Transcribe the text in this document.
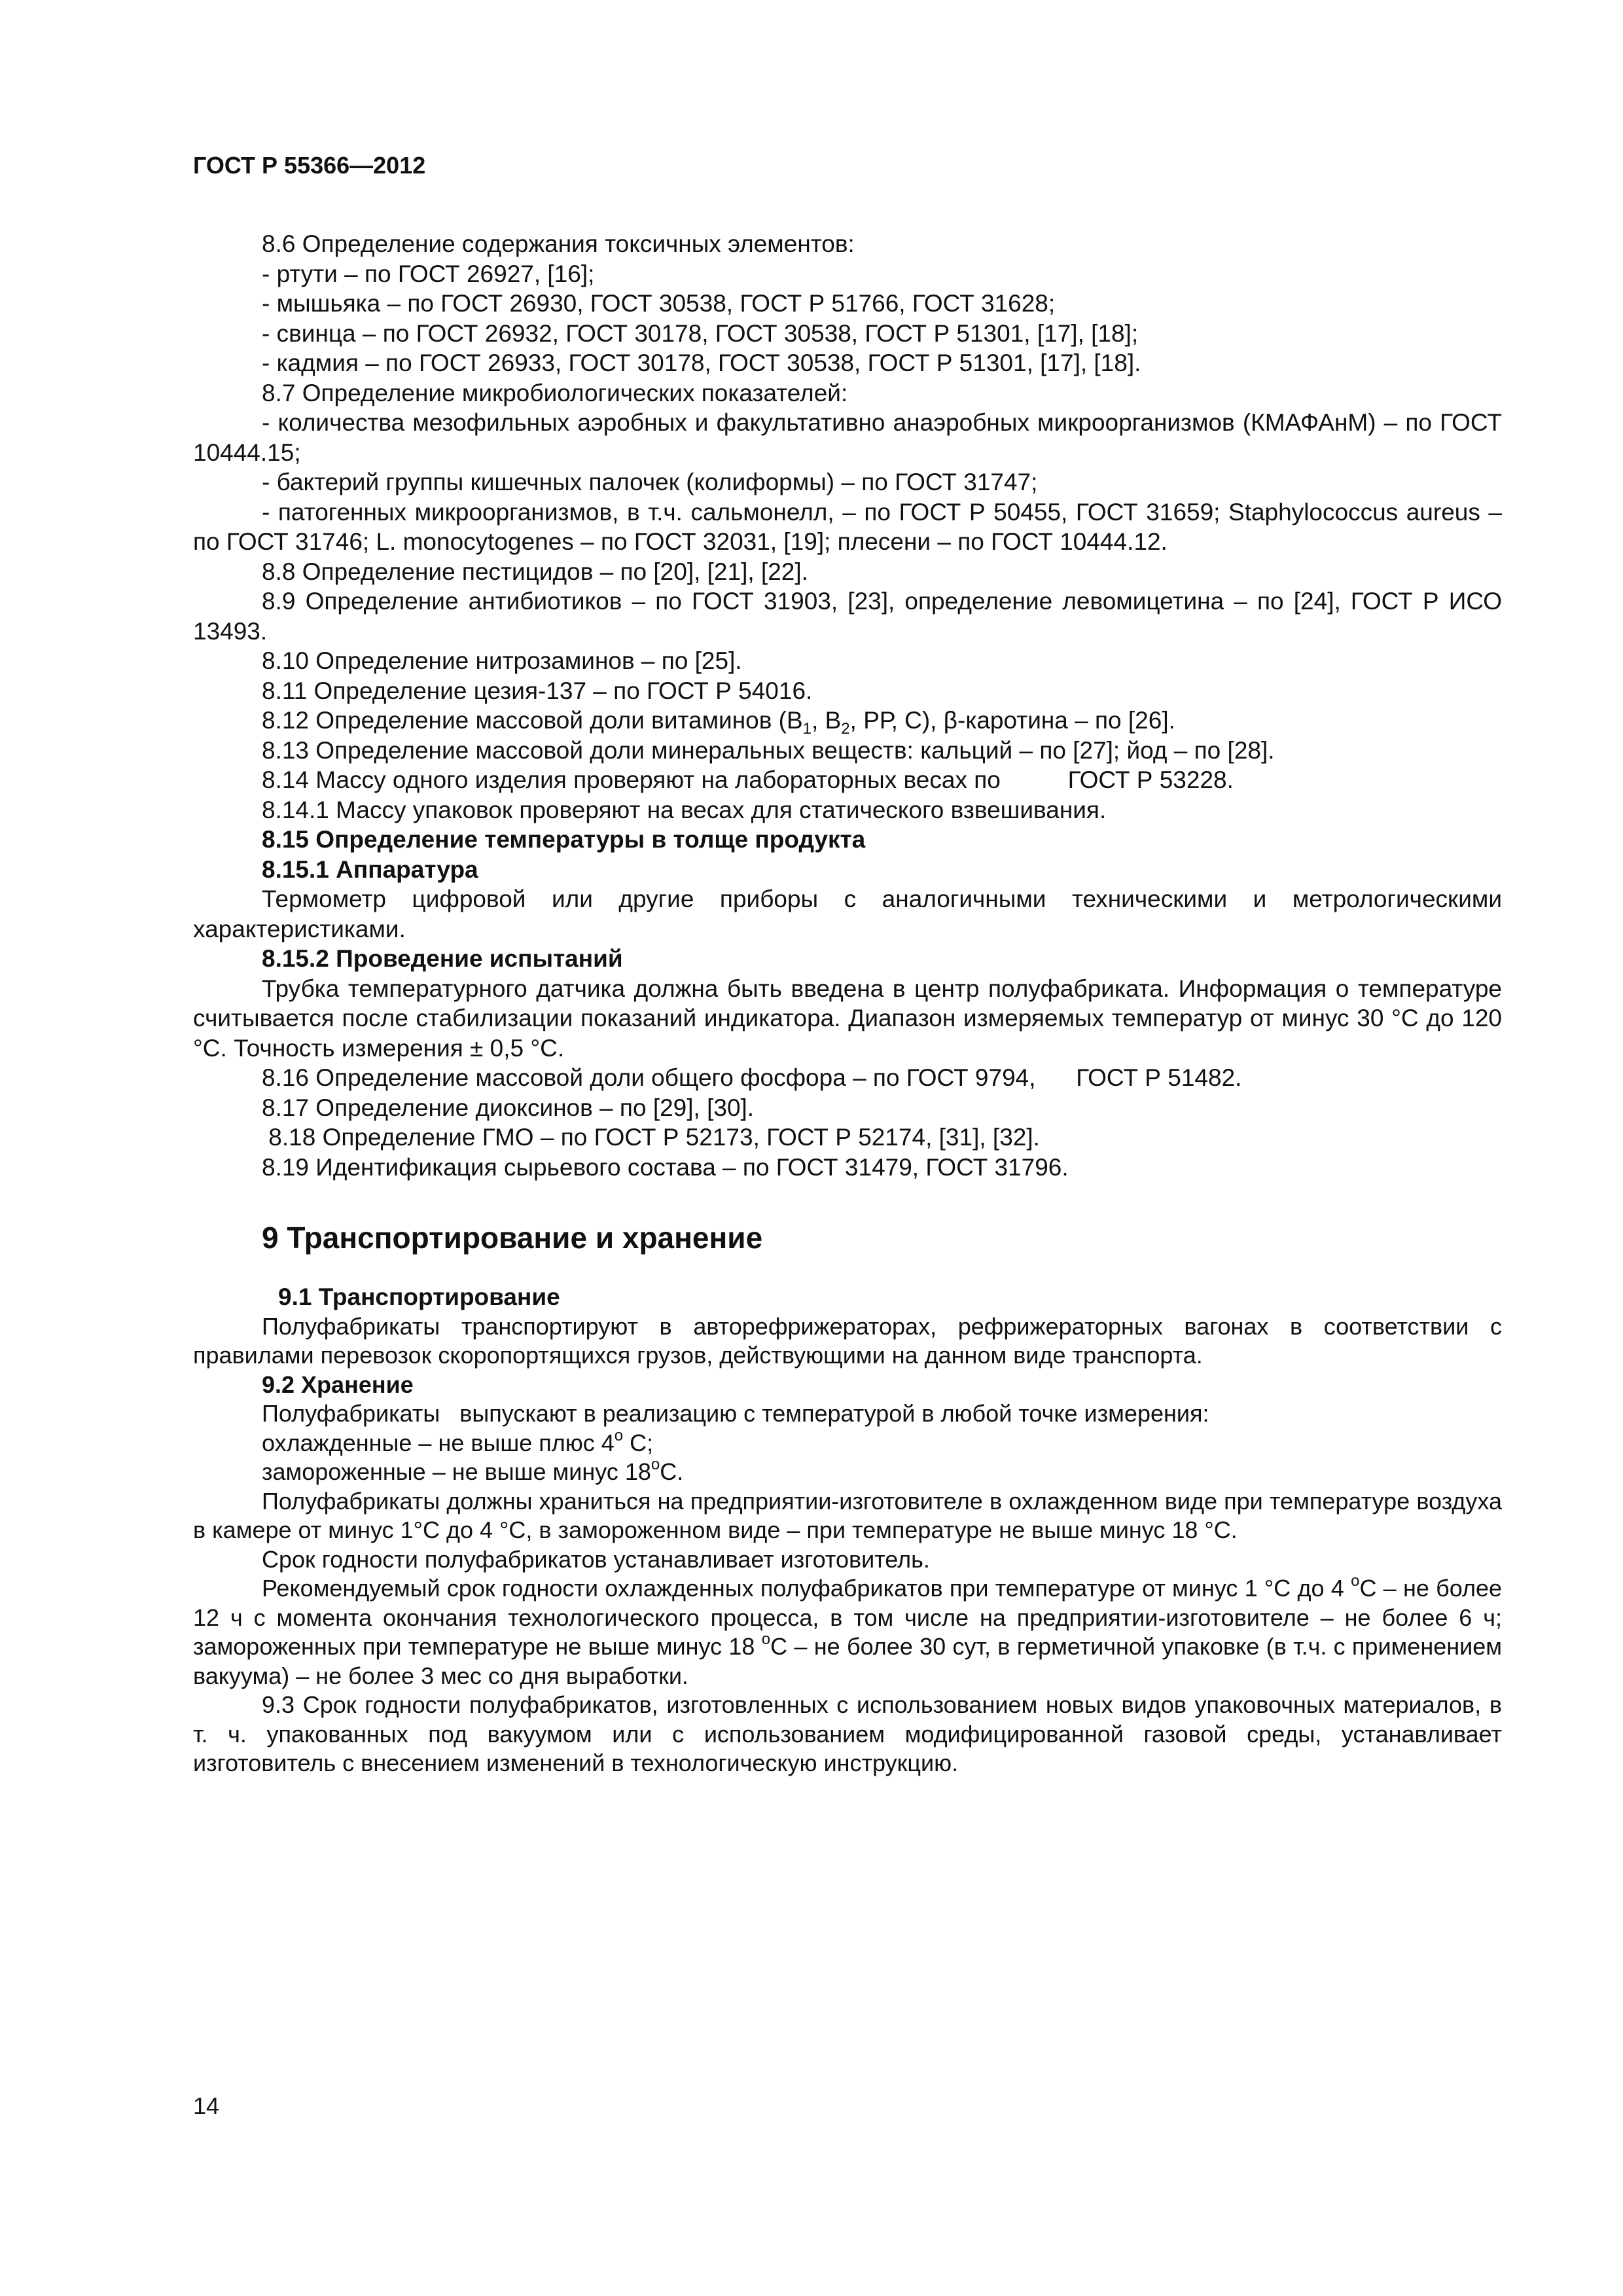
ГОСТ Р 55366—2012

8.6 Определение содержания токсичных элементов:

- ртути – по ГОСТ 26927, [16];

- мышьяка – по ГОСТ 26930, ГОСТ 30538, ГОСТ Р 51766, ГОСТ 31628;

- свинца – по ГОСТ 26932, ГОСТ 30178, ГОСТ 30538, ГОСТ Р 51301, [17], [18];

- кадмия – по ГОСТ 26933, ГОСТ 30178, ГОСТ 30538, ГОСТ Р 51301, [17], [18].

8.7 Определение микробиологических показателей:

- количества мезофильных аэробных и факультативно анаэробных микроорганизмов (КМАФАнМ) – по ГОСТ 10444.15;

- бактерий группы кишечных палочек (колиформы) – по ГОСТ 31747;

- патогенных микроорганизмов, в т.ч. сальмонелл, – по ГОСТ Р 50455, ГОСТ 31659; Staphylococcus aureus – по ГОСТ 31746; L. monocytogenes – по ГОСТ 32031, [19]; плесени – по ГОСТ 10444.12.

8.8 Определение пестицидов – по [20], [21], [22].

8.9 Определение антибиотиков – по ГОСТ 31903, [23], определение левомицетина – по [24], ГОСТ Р ИСО 13493.

8.10 Определение нитрозаминов – по [25].

8.11 Определение цезия-137 – по ГОСТ Р 54016.

8.12 Определение массовой доли витаминов ($В_1$, $В_2$, РР, С), β-каротина – по [26].

8.13 Определение массовой доли минеральных веществ: кальций – по [27]; йод – по [28].

8.14 Массу одного изделия проверяют на лабораторных весах по          ГОСТ Р 53228.

8.14.1 Массу упаковок проверяют на весах для статического взвешивания.

8.15 Определение температуры в толще продукта

8.15.1 Аппаратура

Термометр цифровой или другие приборы с аналогичными техническими и метрологическими характеристиками.

8.15.2 Проведение испытаний

Трубка температурного датчика должна быть введена в центр полуфабриката. Информация о температуре считывается после стабилизации показаний индикатора. Диапазон измеряемых температур от минус 30 °С до 120 °С. Точность измерения ± 0,5 °С.

8.16 Определение массовой доли общего фосфора – по ГОСТ 9794,      ГОСТ Р 51482.

8.17 Определение диоксинов – по [29], [30].

8.18 Определение ГМО – по ГОСТ Р 52173, ГОСТ Р 52174, [31], [32].

8.19 Идентификация сырьевого состава – по ГОСТ 31479, ГОСТ 31796.

9 Транспортирование и хранение

9.1 Транспортирование

Полуфабрикаты транспортируют в авторефрижераторах, рефрижераторных вагонах в соответствии с правилами перевозок скоропортящихся грузов, действующими на данном виде транспорта.

9.2 Хранение

Полуфабрикаты   выпускают в реализацию с температурой в любой точке измерения:

охлажденные – не выше плюс $4^о$ С;

замороженные – не выше минус $18^оС$.

Полуфабрикаты должны храниться на предприятии-изготовителе в охлажденном виде при температуре воздуха в камере от минус 1°С до 4 °С, в замороженном виде – при температуре не выше минус 18 °С.

Срок годности полуфабрикатов устанавливает изготовитель.

Рекомендуемый срок годности охлажденных полуфабрикатов при температуре от минус 1 °С до 4 $^о$С – не более 12 ч с момента окончания технологического процесса, в том числе на предприятии-изготовителе – не более 6 ч; замороженных при температуре не выше минус 18 $^о$С – не более 30 сут, в герметичной упаковке (в т.ч. с применением вакуума) – не более 3 мес со дня выработки.

9.3 Срок годности полуфабрикатов, изготовленных с использованием новых видов упаковочных материалов, в т. ч. упакованных под вакуумом или с использованием модифицированной газовой среды, устанавливает изготовитель с внесением изменений в технологическую инструкцию.

14
